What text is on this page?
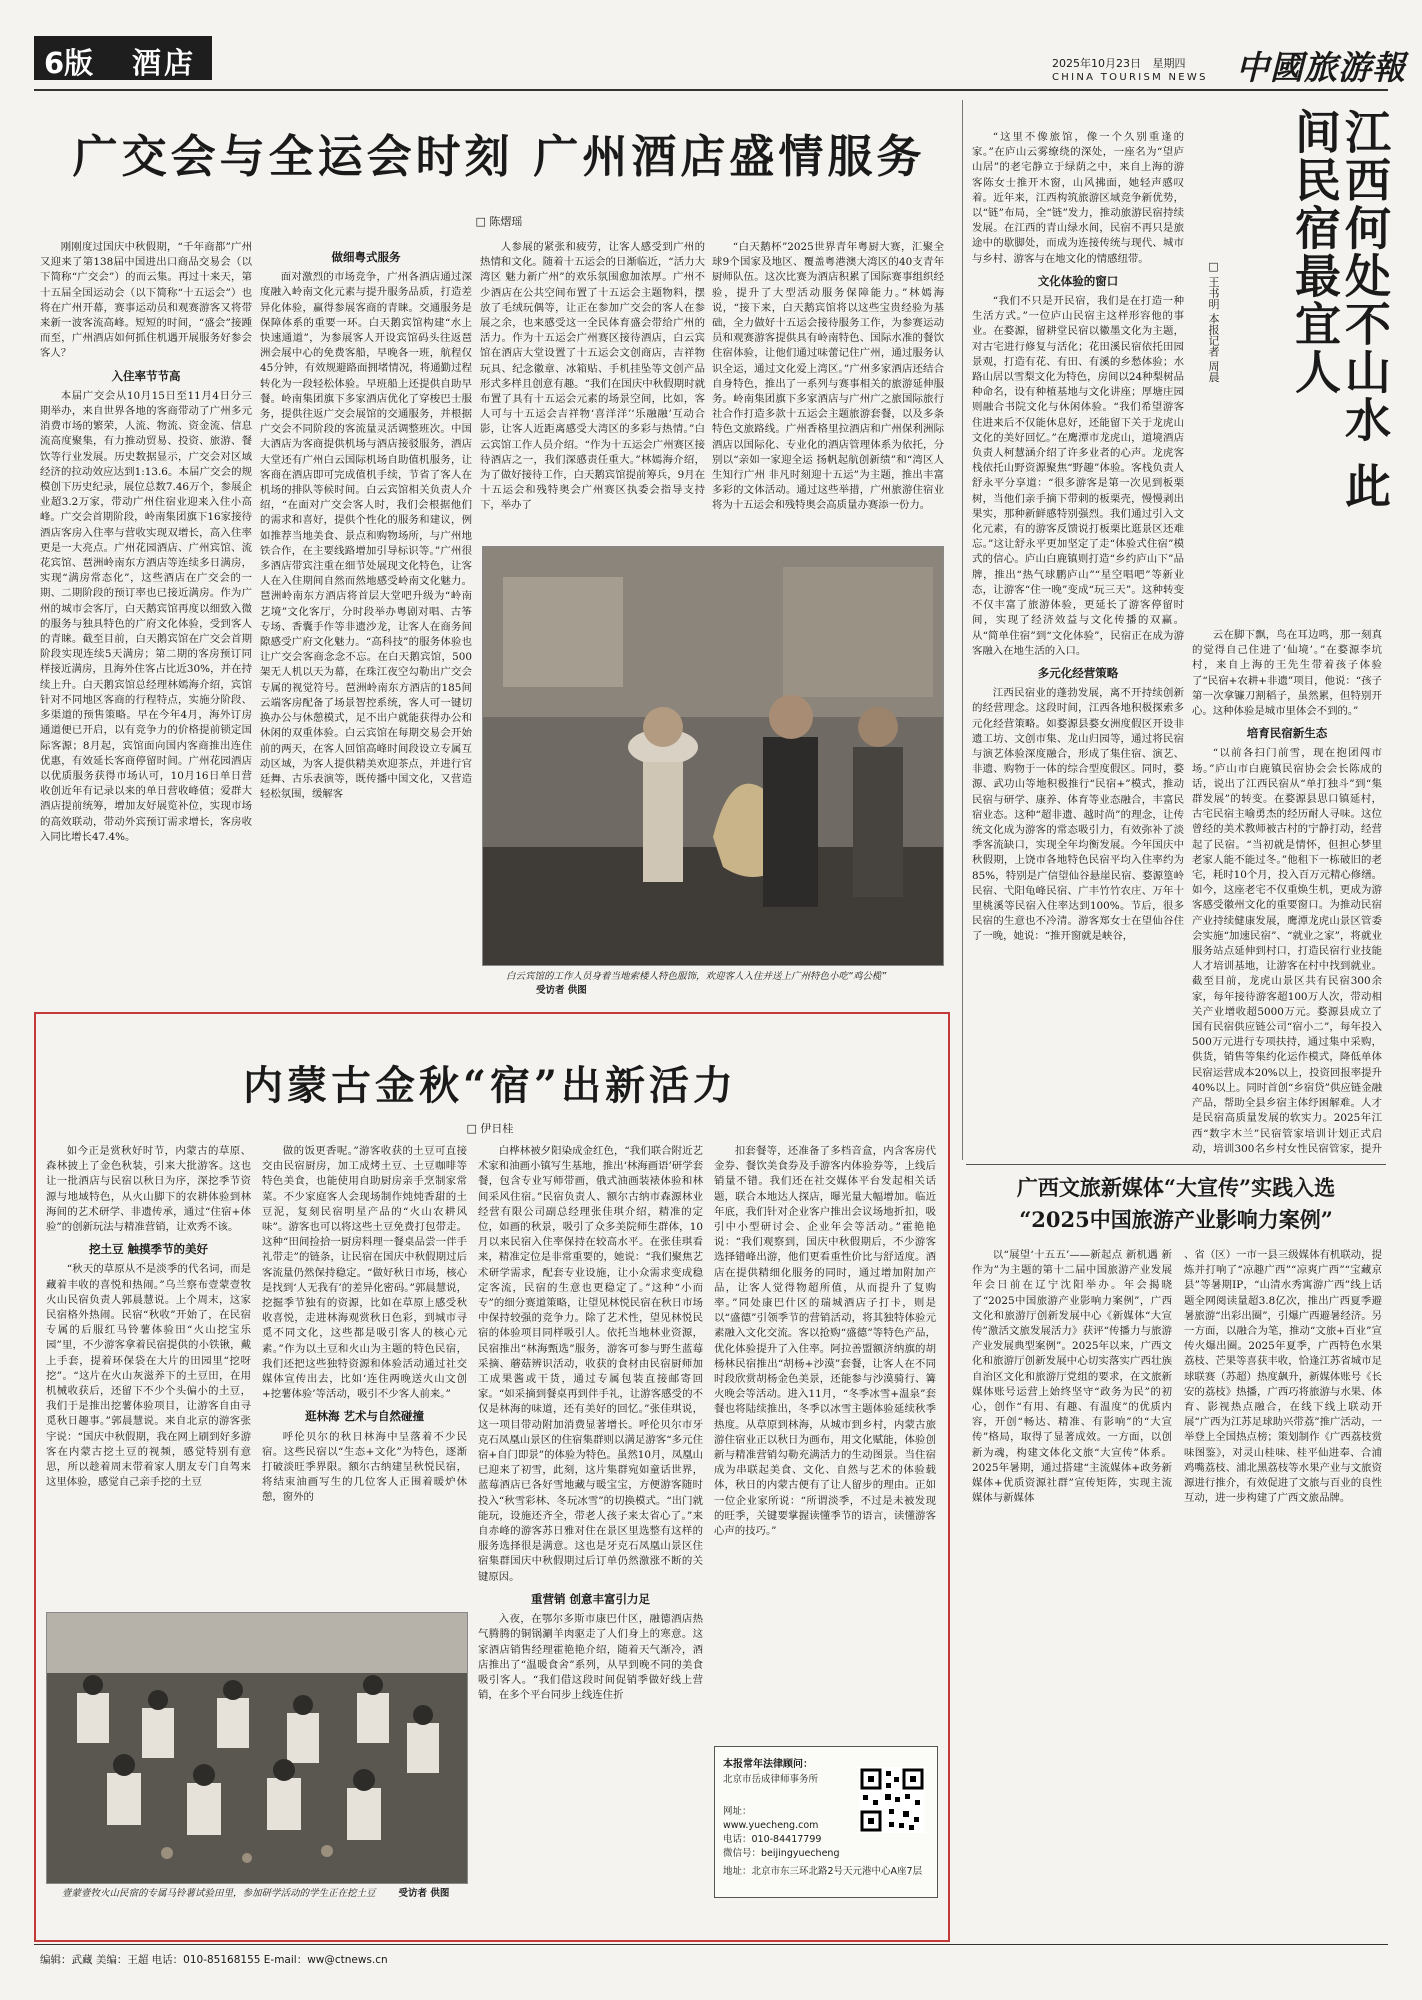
6版 酒店	2025年10月23日 星期四
CHINA TOURISM NEWS 中國旅游報
广交会与全运会时刻 广州酒店盛情服务
□ 陈熠瑶

刚刚度过国庆中秋假期，“千年商都”广州又迎来了第138届中国进出口商品交易会（以下简称“广交会”）的而云集。再过十来天，第十五届全国运动会（以下简称“十五运会”）也将在广州开幕，赛事运动员和观赛游客又将带来新一波客流高峰。短短的时间，“盛会”接踵而至，广州酒店如何抓住机遇开展服务好参会客人？

入住率节节高

本届广交会从10月15日至11月4日分三期举办，来自世界各地的客商带动了广州多元消费市场的繁荣，人流、物流、资金流、信息流高度聚集，有力推动贸易、投资、旅游、餐饮等行业发展。历史数据显示，广交会对区域经济的拉动效应达到1:13.6。本届广交会的规模创下历史纪录，展位总数7.46万个，参展企业超3.2万家，带动广州住宿业迎来入住小高峰。广交会首期阶段，岭南集团旗下16家接待酒店客房入住率与营收实现双增长，高入住率更是一大亮点。广州花园酒店、广州宾馆、流花宾馆、琶洲岭南东方酒店等连续多日满房，实现“满房常态化”，这些酒店在广交会的一期、二期阶段的预订率也已接近满房。作为广州的城市会客厅，白天鹅宾馆再度以细致入微的服务与独具特色的广府文化体验，受到客人的青睐。截至目前，白天鹅宾馆在广交会首期阶段实现连续5天满房；第二期的客房预订同样接近满房，且海外住客占比近30%，并在持续上升。白天鹅宾馆总经理林嫣海介绍，宾馆针对不同地区客商的行程特点，实施分阶段、多渠道的预售策略。早在今年4月，海外订房通道便已开启，以有竞争力的价格提前锁定国际客源；8月起，宾馆面向国内客商推出连住优惠，有效延长客商停留时间。广州花园酒店以优质服务获得市场认可，10月16日单日营收创近年有记录以来的单日营收峰值；爱群大酒店提前统筹，增加友好展览补位，实现市场的高效联动，带动外宾预订需求增长，客房收入同比增长47.4%。

做细粤式服务

面对激烈的市场竞争，广州各酒店通过深度融入岭南文化元素与提升服务品质，打造差异化体验，赢得参展客商的青睐。交通服务是保障体系的重要一环。白天鹅宾馆构建“水上快速通道”，为参展客人开设宾馆码头往返琶洲会展中心的免费客船，早晚各一班，航程仅45分钟，有效规避路面拥堵情况，将通勤过程转化为一段轻松体验。早班船上还提供自助早餐。岭南集团旗下多家酒店优化了穿梭巴士服务，提供往返广交会展馆的交通服务，并根据广交会不同阶段的客流量灵活调整班次。中国大酒店为客商提供机场与酒店接驳服务，酒店大堂还有广州白云国际机场自助值机服务，让客商在酒店即可完成值机手续，节省了客人在机场的排队等候时间。白云宾馆相关负责人介绍，“在面对广交会客人时，我们会根据他们的需求和喜好，提供个性化的服务和建议，例如推荐当地美食、景点和购物场所，与广州地铁合作，在主要线路增加引导标识等。”广州很多酒店带宾注重在细节处展现文化特色，让客人在入住期间自然而然地感受岭南文化魅力。琶洲岭南东方酒店将首层大堂吧升级为“岭南艺境”文化客厅，分时段举办粤剧对唱、古筝专场、香囊手作等非遗沙龙，让客人在商务间隙感受广府文化魅力。“高科技”的服务体验也让广交会客商念念不忘。在白天鹅宾馆，500架无人机以天为幕，在珠江夜空勾勒出广交会专属的视觉符号。琶洲岭南东方酒店的185间云端客房配备了场景智控系统，客人可一键切换办公与休憩模式，足不出户就能获得办公和休闲的双重体验。白云宾馆在每期交易会开始前的两天，在客人回馆高峰时间段设立专属互动区域，为客人提供精美欢迎茶点，并进行官廷舞、古乐表演等，既传播中国文化，又营造轻松氛围，缓解客

人参展的紧张和疲劳，让客人感受到广州的热情和文化。随着十五运会的日渐临近，“活力大湾区 魅力新广州”的欢乐氛围愈加浓厚。广州不少酒店在公共空间布置了十五运会主题物料，摆放了毛绒玩偶等，让正在参加广交会的客人在参展之余，也来感受这一全民体育盛会带给广州的活力。作为十五运会广州赛区接待酒店，白云宾馆在酒店大堂设置了十五运会文创商店，吉祥物玩具、纪念徽章、冰箱贴、手机挂坠等文创产品形式多样且创意有趣。“我们在国庆中秋假期时就布置了具有十五运会元素的场景空间，比如，客人可与十五运会吉祥物‘喜洋洋’‘乐融融’互动合影，让客人近距离感受大湾区的多彩与热情。”白云宾馆工作人员介绍。“作为十五运会广州赛区接待酒店之一，我们深感责任重大。”林嫣海介绍，为了做好接待工作，白天鹅宾馆提前筹兵，9月在十五运会和残特奥会广州赛区执委会指导支持下，举办了

“白天鹅杯”2025世界青年粤厨大赛，汇聚全球9个国家及地区、覆盖粤港澳大湾区的40支青年厨师队伍。这次比赛为酒店积累了国际赛事组织经验，提升了大型活动服务保障能力。”林嫣海说，“接下来，白天鹅宾馆将以这些宝贵经验为基础，全力做好十五运会接待服务工作，为参赛运动员和观赛游客提供具有岭南特色、国际水准的餐饮住宿体验，让他们通过味蕾记住广州，通过服务认识全运，通过文化爱上湾区。”广州多家酒店还结合自身特色，推出了一系列与赛事相关的旅游延伸服务。岭南集团旗下多家酒店与广州广之旅国际旅行社合作打造多款十五运会主题旅游套餐，以及多条特色文旅路线。广州香格里拉酒店和广州保利洲际酒店以国际化、专业化的酒店管理体系为依托，分别以“亲如一家迎全运 扬帆起航创新绩”和“湾区人生知行广州 非凡时刻迎十五运”为主题，推出丰富多彩的文体活动。通过这些举措，广州旅游住宿业将为十五运会和残特奥会高质量办赛添一份力。

白云宾馆的工作人员身着当地索楼人特色服饰，欢迎客人入住并送上广州特色小吃“鸡公榄” 受访者 供图
内蒙古金秋“宿”出新活力
□ 伊日桂

如今正是赏秋好时节，内蒙古的草原、森林披上了金色秋装，引来大批游客。这也让一批酒店与民宿以秋日为序，深挖季节资源与地域特色，从火山脚下的农耕体验到林海间的艺术研学、非遗传承，通过“住宿+体验”的创新玩法与精准营销，让欢秀不该。

挖土豆 触摸季节的美好

“秋天的草原从不是淡季的代名词，而是藏着丰收的喜悦和热闹。”乌兰察布壹蒙壹牧火山民宿负责人郭晨慧说。上个周末，这家民宿格外热闹。民宿“秋收”开始了，在民宿专属的后服红马铃薯体验田“火山挖宝乐园”里，不少游客拿着民宿提供的小铁锹，戴上手套，提着环保袋在大片的田园里“挖呀挖”。“这片在火山灰滋养下的土豆田，在用机械收获后，还留下不少个头偏小的土豆，我们于是推出挖薯体验项目，让游客自由寻觅秋日趣事。”郭晨慧说。来自北京的游客张宇说：“国庆中秋假期，我在网上刷到好多游客在内蒙古挖土豆的视频，感觉特别有意思，所以趁着周末带着家人朋友专门自驾来这里体验，感觉自己亲手挖的土豆

做的饭更香呢。”游客收获的土豆可直接交由民宿厨房，加工成烤土豆、土豆咖啡等特色美食，也能使用自助厨房亲手烹制家常菜。不少家庭客人会现场制作炖炖香甜的土豆泥，复刻民宿明星产品的“火山农耕风味”。游客也可以将这些土豆免费打包带走。这种“田间捡拾一厨房料理一餐桌品尝一伴手礼带走”的链条，让民宿在国庆中秋假期过后客流量仍然保持稳定。“做好秋日市场，核心是找到‘人无我有’的差异化密码。”郭晨慧说，挖掘季节独有的资源，比如在草原上感受秋收喜悦，走进林海观赏秋日色彩，到城市寻觅不同文化，这些都是吸引客人的核心元素。”作为以土豆和火山为主题的特色民宿，我们还把这些独特资源和体验活动通过社交媒体宣传出去，比如‘连住两晚送火山文创+挖薯体验’等活动，吸引不少客人前来。”

逛林海 艺术与自然碰撞

呼伦贝尔的秋日林海中呈落着不少民宿。这些民宿以“生态+文化”为特色，逐渐打破淡旺季界限。额尔古纳建呈秋悦民宿，将结束油画写生的几位客人正围着暖炉休憩，窗外的

白桦林被夕阳染成金红色，“我们联合附近艺术家和油画小镇写生基地，推出‘林海画语’研学套餐，包含专业写师带画，俄式油画装裱体验和林间采风住宿。”民宿负责人、额尔古纳市森源林业经营有限公司副总经理张佳琪介绍，精准的定位，如画的秋景，吸引了众多美院师生群体，10月以来民宿入住率保持在较高水平。在张佳琪看来，精准定位是非常重要的，她说：“我们聚焦艺术研学需求，配套专业设施，让小众需求变成稳定客流，民宿的生意也更稳定了。”这种“小而专”的细分赛道策略，让望见林悦民宿在秋日市场中保持较强的竞争力。除了艺术性，望见林悦民宿的体验项目同样吸引人。依托当地林业资源，民宿推出“林海甄选”服务，游客可参与野生蓝莓采摘、蘑菇辨识活动，收获的食材由民宿厨师加工成果酱或干货，通过专属包装直接邮寄回家。“如采摘到餐桌再到伴手礼，让游客感受的不仅是林海的味道，还有美好的回忆。”张佳琪说，这一项目带动附加消费显著增长。呼伦贝尔市牙克石凤凰山景区的住宿集群则以满足游客“多元住宿+自门即景”的体验为特色。虽然10月，凤凰山已迎来了初雪，此刻，这片集群宛如童话世界，蓝莓酒店已各好雪地藏与暖宝宝，方便游客随时投入“秋雪彩林、冬玩冰雪”的切换模式。“出门就能玩，设施还齐全，带老人孩子来太省心了。”来自赤峰的游客苏日雅对住在景区里选整有这样的服务选择很是满意。这也是牙克石凤凰山景区住宿集群国庆中秋假期过后订单仍然激涨不断的关键原因。

重营销 创意丰富引力足

入夜，在鄂尔多斯市康巴什区，融德酒店热气腾腾的铜锅涮羊肉驱走了人们身上的寒意。这家酒店销售经理霍艳艳介绍，随着天气渐冷，酒店推出了“温暖食舍”系列，从早到晚不同的美食吸引客人。“我们借这段时间促销季做好线上营销，在多个平台同步上线连住折

扣套餐等，还准备了多档音盒，内含客房代金券、餐饮美食券及手游客内体验券等，上线后销量不错。我们还在社交媒体平台发起相关话题，联合本地达人探店，曝光量大幅增加。临近年底，我们针对企业客户推出会议场地折扣，吸引中小型研讨会、企业年会等活动。”霍艳艳说：“我们观察到，国庆中秋假期后，不少游客选择错峰出游，他们更看重性价比与舒适度。酒店在提供精细化服务的同时，通过增加附加产品，让客人觉得物超所值，从而提升了复购率。”同处康巴什区的瑞城酒店子打卡，则是以“盛德”引领季节的营销活动，将其独特体验元素融入文化交流。客以抢购“盛德”等特色产品，优化体验提升了入住率。阿拉善盟额济纳旗的胡杨林民宿推出“胡杨+沙漠”套餐，让客人在不同时段欣赏胡杨金色美景，还能参与沙漠骑行、篝火晚会等活动。进入11月，“冬季冰雪+温泉”套餐也将陆续推出，冬季以冰雪主题体验延续秋季热度。从草原到林海，从城市到乡村，内蒙古旅游住宿业正以秋日为画布，用文化赋能，体验创新与精准营销勾勒充满活力的生动图景。当住宿成为串联起美食、文化、自然与艺术的体验载体，秋日的内蒙古便有了让人留步的理由。正如一位企业家所说：“所谓淡季，不过是未被发现的旺季，关键要掌握读懂季节的语言，读懂游客心声的技巧。”

壹蒙壹牧火山民宿的专属马铃薯试验田里，参加研学活动的学生正在挖土豆 受访者 供图
本报常年法律顾问：
北京市岳成律师事务所
网址：www.yuecheng.com
电话：010-84417799
微信号：beijingyuecheng
地址：北京市东三环北路2号天元港中心A座7层
江西何处不山水 此间民宿最宜人
□ 王书明 本报记者 周晨

“这里不像旅馆，像一个久别重逢的家。”在庐山云雾缭绕的深处，一座名为“望庐山居”的老宅静立于绿荫之中，来自上海的游客陈女士推开木窗，山风拂面，她轻声感叹着。近年来，江西构筑旅游区域竞争新优势，以“链”布局，全“链”发力，推动旅游民宿持续发展。在江西的青山绿水间，民宿不再只是旅途中的歇脚处，而成为连接传统与现代、城市与乡村、游客与在地文化的情感纽带。

文化体验的窗口

“我们不只是开民宿，我们是在打造一种生活方式。”一位庐山民宿主这样形容他的事业。在婺源，留耕堂民宿以徽墨文化为主题，对古宅进行修复与活化；花田溪民宿依托田园景观，打造有花、有田、有溪的乡愁体验；水路山居以雪梨文化为特色，房间以24种梨树品种命名，设有种植基地与文化讲座；厚塘庄园则融合书院文化与休闲体验。“我们希望游客住进来后不仅能休息好，还能留下关于龙虎山文化的美好回忆。”在鹰潭市龙虎山，道境酒店负责人柯慧涵介绍了许多业者的心声。龙虎客栈依托山野资源聚焦“野趣”体验。客栈负责人舒永平分享道：“很多游客是第一次见到板栗树，当他们亲手摘下带刺的板栗壳，慢慢剥出果实，那种新鲜感特别强烈。我们通过引入文化元素，有的游客反馈说打板栗比逛景区还难忘。”这让舒永平更加坚定了走“体验式住宿”模式的信心。庐山白鹿镇则打造“乡约庐山下”品牌，推出“热气球鹏庐山”“星空唱吧”等新业态，让游客“住一晚”变成“玩三天”。这种转变不仅丰富了旅游体验，更延长了游客停留时间，实现了经济效益与文化传播的双赢。从“简单住宿”到“文化体验”，民宿正在成为游客融入在地生活的入口。

多元化经营策略

江西民宿业的蓬勃发展，离不开持续创新的经营理念。这段时间，江西各地积极探索多元化经营策略。如婺源县婺女洲度假区开设非遗工坊、文创市集、龙山归园等，通过将民宿与演艺体验深度融合，形成了集住宿、演艺、非遗、购物于一体的综合型度假区。同时，婺源、武功山等地积极推行“民宿+”模式，推动民宿与研学、康养、体育等业态融合，丰富民宿业态。这种“超非遗、越时尚”的理念，让传统文化成为游客的常态吸引力，有效弥补了淡季客流缺口，实现全年均衡发展。今年国庆中秋假期，上饶市各地特色民宿平均入住率约为85%，特别是广信望仙谷悬崖民宿、婺源篁岭民宿、弋阳龟峰民宿、广丰竹竹农庄、万年十里桃溪等民宿入住率达到100%。节后，很多民宿的生意也不冷清。游客郑女士在望仙谷住了一晚，她说：“推开窗就是峡谷，

云在脚下飘，鸟在耳边鸣，那一刻真的觉得自己住进了‘仙境’。”在婺源李坑村，来自上海的王先生带着孩子体验了“民宿+农耕+非遗”项目，他说：“孩子第一次拿镰刀割稻子，虽然累，但特别开心。这种体验是城市里体会不到的。”

培育民宿新生态

“以前各扫门前雪，现在抱团闯市场。”庐山市白鹿镇民宿协会会长陈成的话，说出了江西民宿从“单打独斗”到“集群发展”的转变。在婺源县思口镇延村，古宅民宿主喻勇杰的经历耐人寻味。这位曾经的美术教师被古村的宁静打动，经营起了民宿。“当初就是情怀，但担心梦里老家人能不能过冬。”他租下一栋破旧的老宅，耗时10个月，投入百万元精心修缮。如今，这座老宅不仅重焕生机，更成为游客感受徽州文化的重要窗口。为推动民宿产业持续健康发展，鹰潭龙虎山景区管委会实施“加速民宿”、“就业之家”，将就业服务站点延伸到村口，打造民宿行业技能人才培训基地，让游客在村中找到就业。截至目前，龙虎山景区共有民宿300余家，每年接待游客超100万人次，带动相关产业增收超5000万元。婺源县成立了国有民宿供应链公司“宿小二”，每年投入500万元进行专项扶持，通过集中采购，供货，销售等集约化运作模式，降低单体民宿运营成本20%以上，投资回报率提升40%以上。同时首创“乡宿贷”供应链金融产品，帮助全县乡宿主体纾困解难。人才是民宿高质量发展的软实力。2025年江西“数字木兰”民宿管家培训计划正式启动，培训300名乡村女性民宿管家，提升

广西文旅新媒体“大宣传”实践入选
“2025中国旅游产业影响力案例”

以“展望‘十五五’——新起点 新机遇 新作为”为主题的第十二届中国旅游产业发展年会日前在辽宁沈阳举办。年会揭晓了“2025中国旅游产业影响力案例”，广西文化和旅游厅创新发展中心《新媒体“大宣传”激活文旅发展活力》获评“传播力与旅游产业发展典型案例”。2025年以来，广西文化和旅游厅创新发展中心切实落实广西壮族自治区文化和旅游厅党组的要求，在文旅新媒体账号运营上始终坚守“政务为民”的初心，创作“有用、有趣、有温度”的优质内容，开创“畅达、精准、有影响”的“大宣传”格局，取得了显著成效。一方面，以创新为魂，构建文体化文旅“大宣传”体系。2025年暑期，通过搭建“主流媒体+政务新媒体+优质资源社群”宣传矩阵，实现主流媒体与新媒体

、省（区）一市一县三级媒体有机联动，提炼并打响了“凉趣广西”“凉爽广西”“宝藏京县”等暑期IP，“山清水秀寓游广西”线上话题全网阅读量超3.8亿次，推出广西夏季避暑旅游“出彩出圈”，引爆广西避暑经济。另一方面，以融合为笔，推动“文旅+百业”宣传火爆出圈。2025年夏季，广西特色水果荔枝、芒果等喜获丰收，恰逢江苏省城市足球联赛（苏超）热度飙升，新媒体账号《长安的荔枝》热播，广西巧将旅游与水果、体育、影视热点融合，在线下线上联动开展“广西为江苏足球助兴带荔”推广活动，一举登上全国热点榜；策划制作《广西荔枝赏味图鉴》，对灵山桂味、桂平仙进奉、合浦鸡嘴荔枝、浦北黑荔枝等水果产业与文旅资源进行推介，有效促进了文旅与百业的良性互动，进一步构建了广西文旅品牌。

编辑：武藏 美编：王超 电话：010-85168155 E-mail：ww@ctnews.cn
